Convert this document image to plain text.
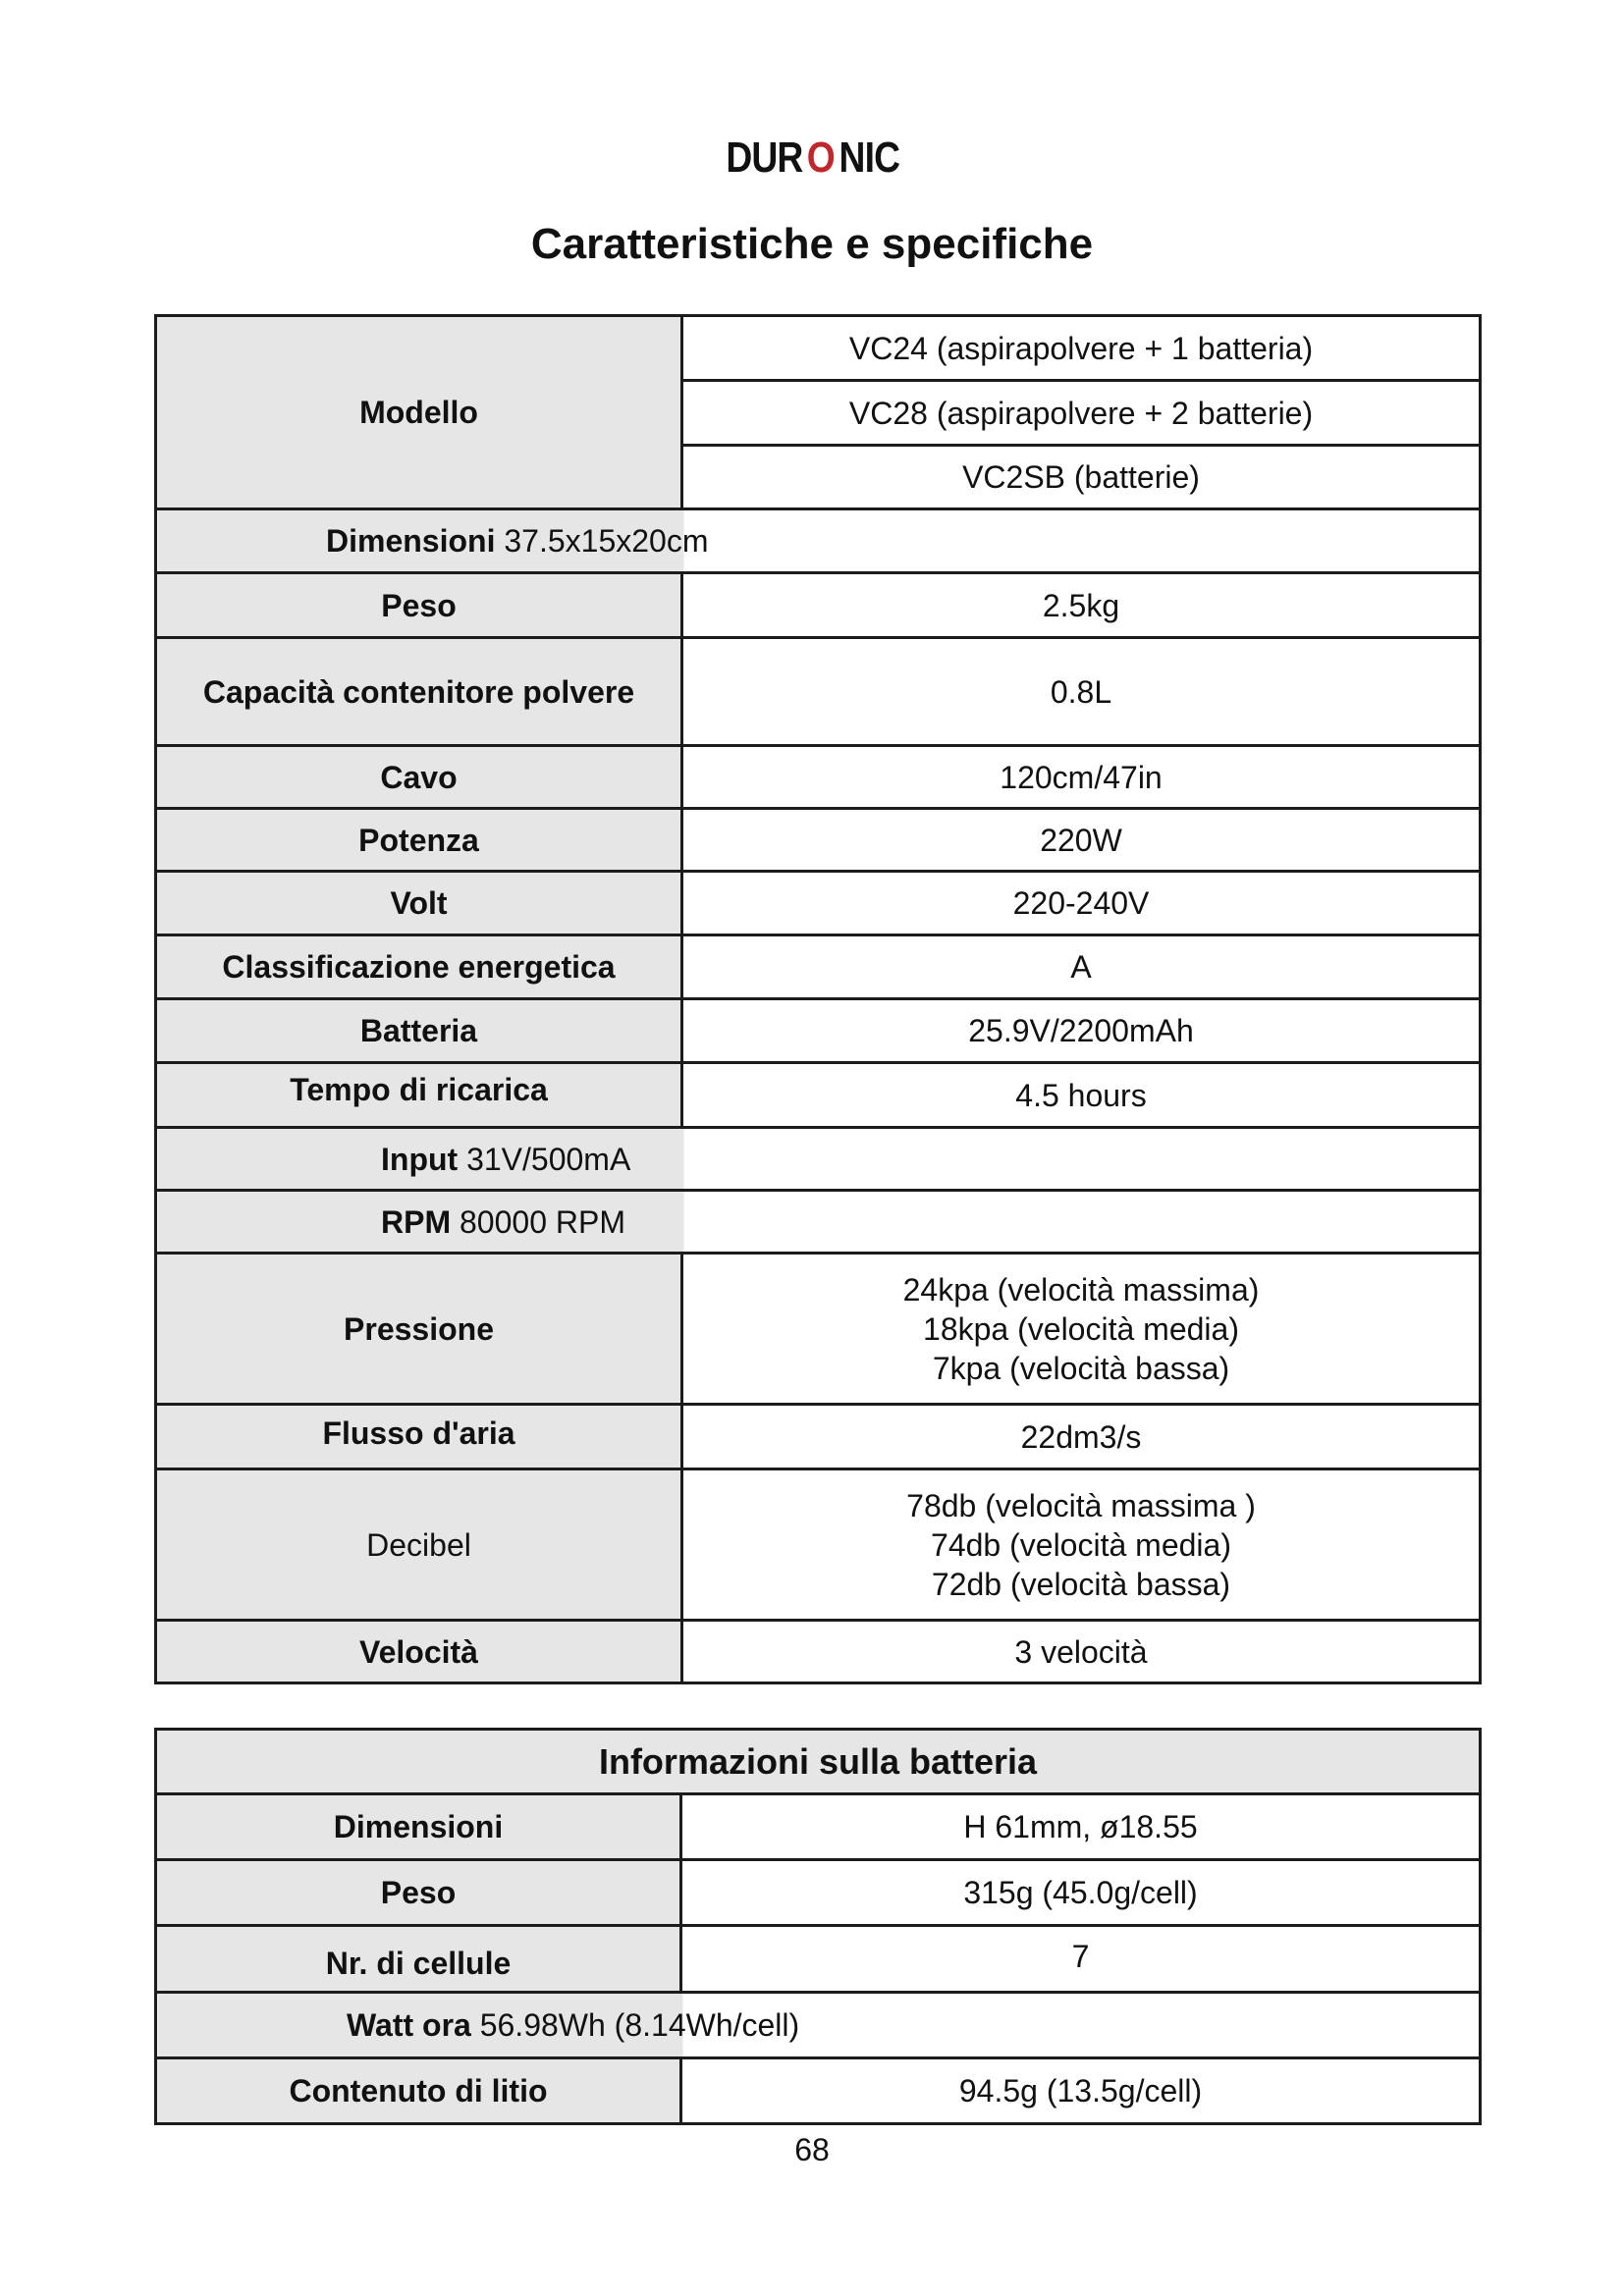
DUR ONIC
Caratteristiche e specifiche
Modello	VC24 (aspirapolvere + 1 batteria)
	VC28 (aspirapolvere + 2 batterie)
	VC2SB (batterie)

Dimensioni 37.5x15x20cm	

Peso	2.5kg
Capacità contenitore polvere	0.8L
Cavo	120cm/47in
Potenza	220W
Volt	220-240V
Classificazione energetica	A
Batteria	25.9V/2200mAh
Tempo di ricarica	4.5 hours

Input 31V/500mA	

RPM 80000 RPM	

Pressione	24kpa (velocità massima)
18kpa (velocità media)
7kpa (velocità bassa)

Flusso d'aria	22dm3/s
Decibel	78db (velocità massima )
74db (velocità media)
72db (velocità bassa)

Velocità	3 velocità
Informazioni sulla batteria	
Dimensioni	H 61mm, ø18.55
Peso	315g (45.0g/cell)
Nr. di cellule	7

Watt ora 56.98Wh (8.14Wh/cell)	

Contenuto di litio	94.5g (13.5g/cell)
68
